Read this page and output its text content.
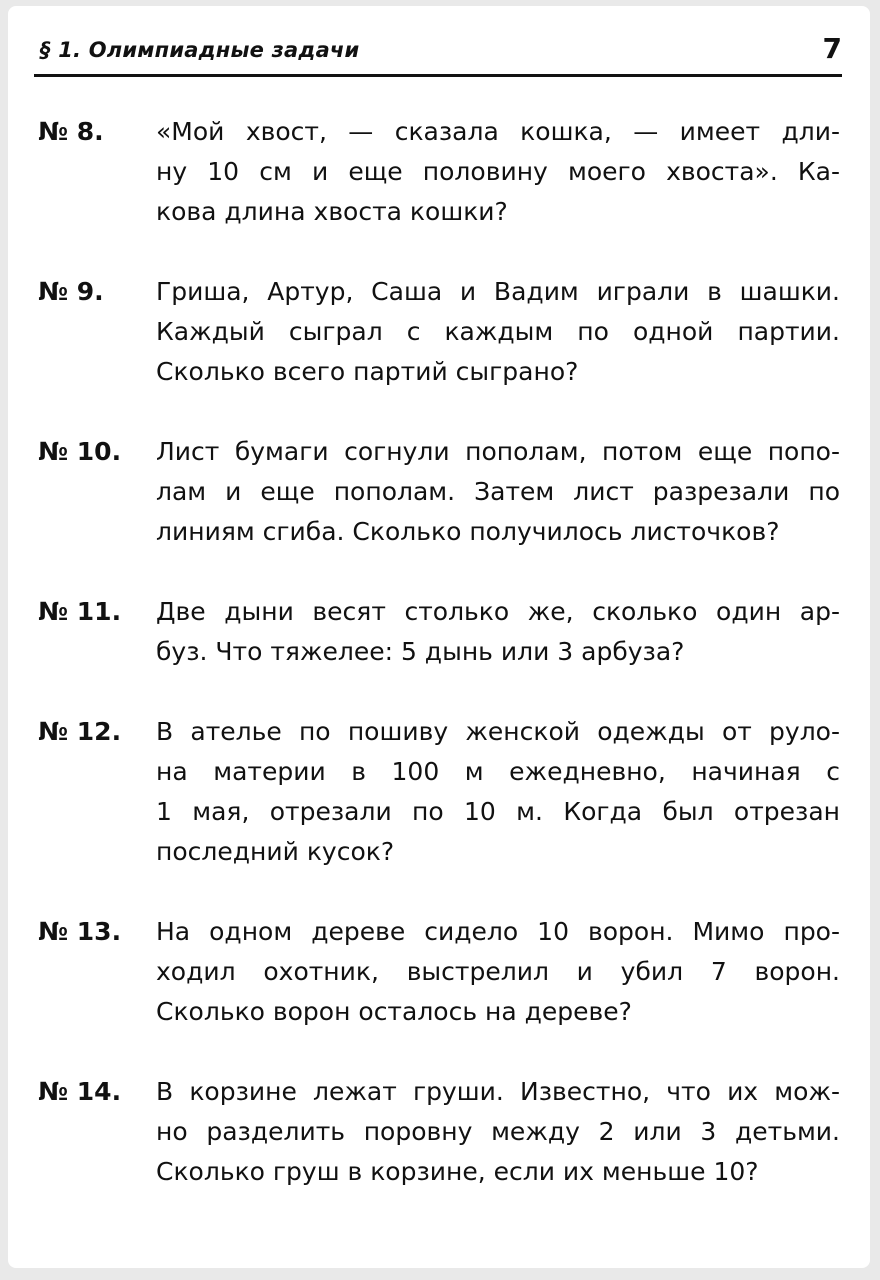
§ 1. Олимпиадные задачи	7
№ 8.	«Мой хвост, — сказала кошка, — имеет дли-
ну 10 см и еще половину моего хвоста». Ка-
кова длина хвоста кошки?
№ 9.	Гриша, Артур, Саша и Вадим играли в шашки.
Каждый сыграл с каждым по одной партии.
Сколько всего партий сыграно?
№ 10.	Лист бумаги согнули пополам, потом еще попо-
лам и еще пополам. Затем лист разрезали по
линиям сгиба. Сколько получилось листочков?
№ 11.	Две дыни весят столько же, сколько один ар-
буз. Что тяжелее: 5 дынь или 3 арбуза?
№ 12.	В ателье по пошиву женской одежды от руло-
на материи в 100 м ежедневно, начиная с
1 мая, отрезали по 10 м. Когда был отрезан
последний кусок?
№ 13.	На одном дереве сидело 10 ворон. Мимо про-
ходил охотник, выстрелил и убил 7 ворон.
Сколько ворон осталось на дереве?
№ 14.	В корзине лежат груши. Известно, что их мож-
но разделить поровну между 2 или 3 детьми.
Сколько груш в корзине, если их меньше 10?
